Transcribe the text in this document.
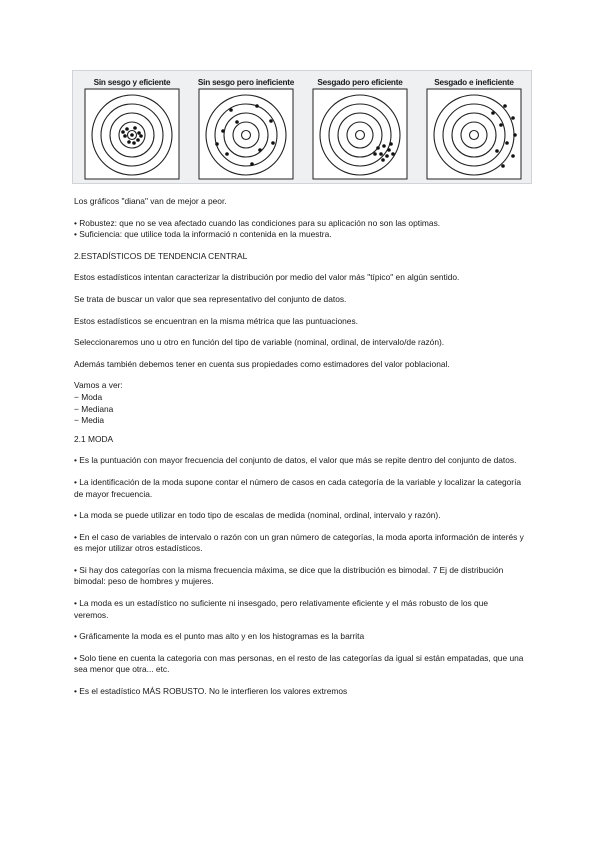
Sin sesgo y eficiente	Sin sesgo pero ineficiente	Sesgado pero eficiente	Sesgado e ineficiente

Los gráficos "diana" van de mejor a peor.

• Robustez: que no se vea afectado cuando las condiciones para su aplicación no son las optimas.

• Suficiencia: que utilice toda la informació n contenida en la muestra.

2.ESTADÍSTICOS DE TENDENCIA CENTRAL

Estos estadísticos intentan caracterizar la distribución por medio del valor más "típico" en algún sentido.

Se trata de buscar un valor que sea representativo del conjunto de datos.

Estos estadísticos se encuentran en la misma métrica que las puntuaciones.

Seleccionaremos uno u otro en función del tipo de variable (nominal, ordinal, de intervalo/de razón).

Además también debemos tener en cuenta sus propiedades como estimadores del valor poblacional.

Vamos a ver:

− Moda

− Mediana

− Media

2.1 MODA

• Es la puntuación con mayor frecuencia del conjunto de datos, el valor que más se repite dentro del conjunto de datos.

• La identificación de la moda supone contar el número de casos en cada categoría de la variable y localizar la categoría de mayor frecuencia.

• La moda se puede utilizar en todo tipo de escalas de medida (nominal, ordinal, intervalo y razón).

• En el caso de variables de intervalo o razón con un gran número de categorías, la moda aporta información de interés y es mejor utilizar otros estadísticos.

• Si hay dos categorías con la misma frecuencia máxima, se dice que la distribución es bimodal. 7 Ej de distribución bimodal: peso de hombres y mujeres.

• La moda es un estadístico no suficiente ni insesgado, pero relativamente eficiente y el más robusto de los que veremos.

• Gráficamente la moda es el punto mas alto y en los histogramas es la barrita

• Solo tiene en cuenta la categoria con mas personas, en el resto de las categorías da igual si están empatadas, que una sea menor que otra... etc.

• Es el estadístico MÁS ROBUSTO. No le interfieren los valores extremos
